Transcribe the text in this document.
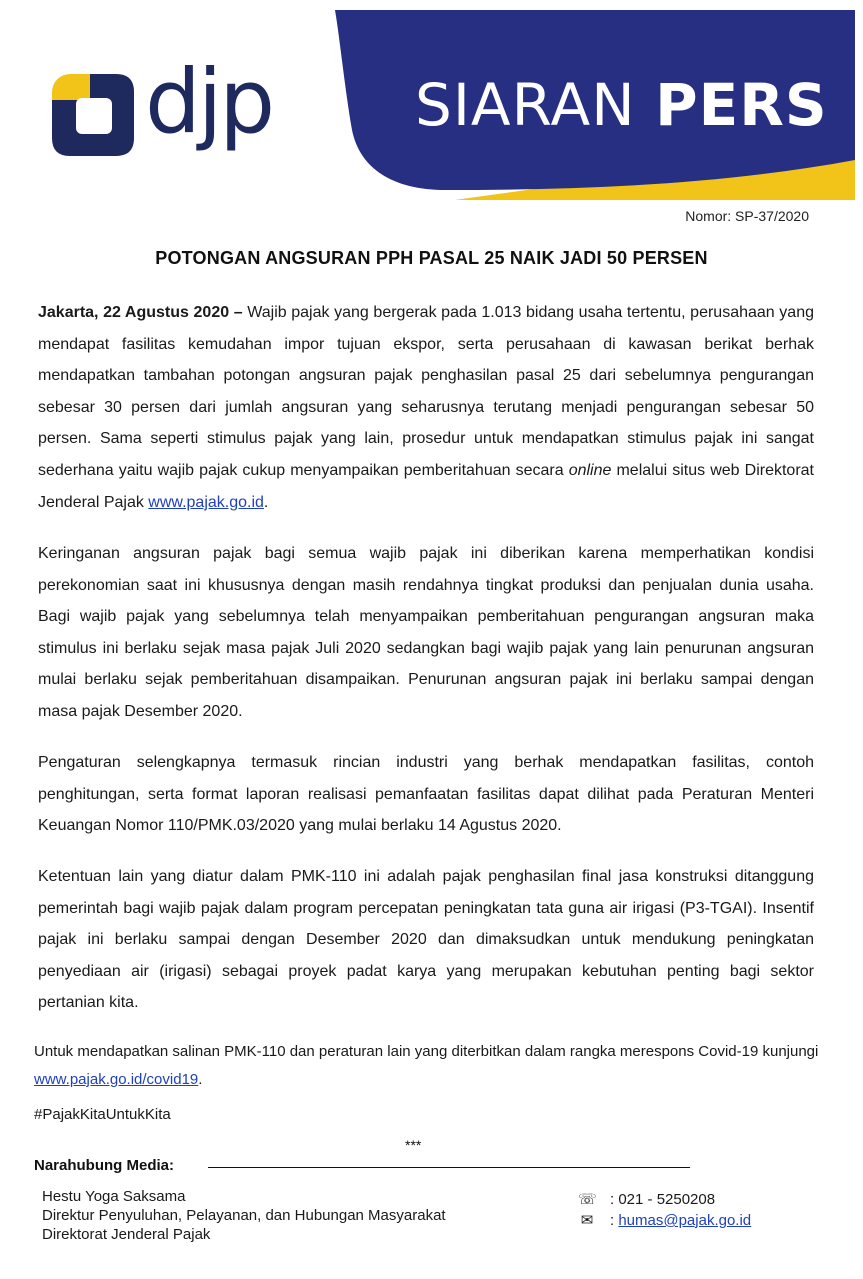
djp SIARAN PERS
Nomor: SP-37/2020
POTONGAN ANGSURAN PPH PASAL 25 NAIK JADI 50 PERSEN

Jakarta, 22 Agustus 2020 – Wajib pajak yang bergerak pada 1.013 bidang usaha tertentu, perusahaan yang mendapat fasilitas kemudahan impor tujuan ekspor, serta perusahaan di kawasan berikat berhak mendapatkan tambahan potongan angsuran pajak penghasilan pasal 25 dari sebelumnya pengurangan sebesar 30 persen dari jumlah angsuran yang seharusnya terutang menjadi pengurangan sebesar 50 persen. Sama seperti stimulus pajak yang lain, prosedur untuk mendapatkan stimulus pajak ini sangat sederhana yaitu wajib pajak cukup menyampaikan pemberitahuan secara online melalui situs web Direktorat Jenderal Pajak www.pajak.go.id.

Keringanan angsuran pajak bagi semua wajib pajak ini diberikan karena memperhatikan kondisi perekonomian saat ini khususnya dengan masih rendahnya tingkat produksi dan penjualan dunia usaha. Bagi wajib pajak yang sebelumnya telah menyampaikan pemberitahuan pengurangan angsuran maka stimulus ini berlaku sejak masa pajak Juli 2020 sedangkan bagi wajib pajak yang lain penurunan angsuran mulai berlaku sejak pemberitahuan disampaikan. Penurunan angsuran pajak ini berlaku sampai dengan masa pajak Desember 2020.

Pengaturan selengkapnya termasuk rincian industri yang berhak mendapatkan fasilitas, contoh penghitungan, serta format laporan realisasi pemanfaatan fasilitas dapat dilihat pada Peraturan Menteri Keuangan Nomor 110/PMK.03/2020 yang mulai berlaku 14 Agustus 2020.

Ketentuan lain yang diatur dalam PMK-110 ini adalah pajak penghasilan final jasa konstruksi ditanggung pemerintah bagi wajib pajak dalam program percepatan peningkatan tata guna air irigasi (P3-TGAI). Insentif pajak ini berlaku sampai dengan Desember 2020 dan dimaksudkan untuk mendukung peningkatan penyediaan air (irigasi) sebagai proyek padat karya yang merupakan kebutuhan penting bagi sektor pertanian kita.

Untuk mendapatkan salinan PMK-110 dan peraturan lain yang diterbitkan dalam rangka merespons Covid-19 kunjungi www.pajak.go.id/covid19.

#PajakKitaUntukKita
***
Narahubung Media:
Hestu Yoga Saksama
Direktur Penyuluhan, Pelayanan, dan Hubungan Masyarakat
Direktorat Jenderal Pajak
☏ : 021 - 5250208
✉ : humas@pajak.go.id
